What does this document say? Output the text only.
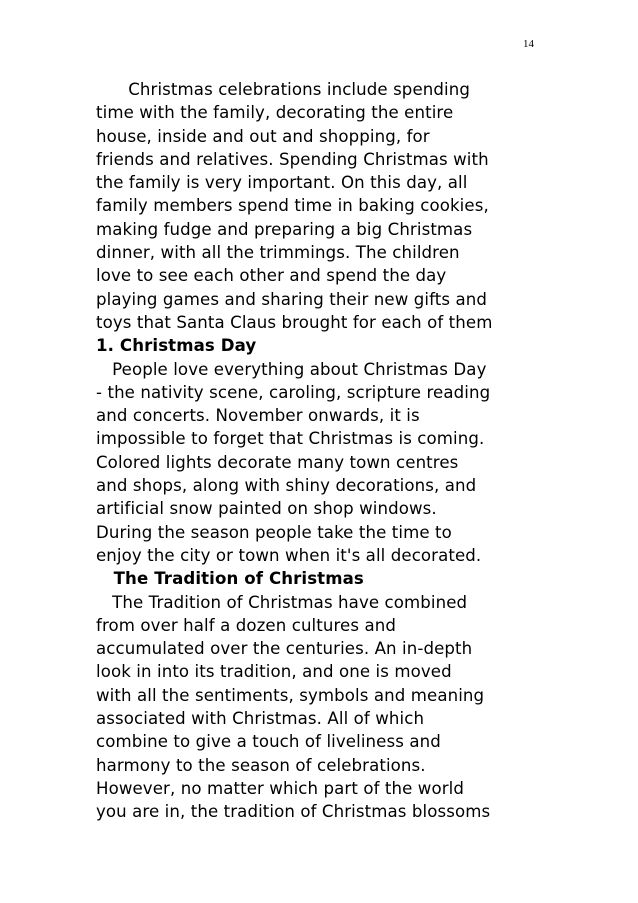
14
Christmas celebrations include spending
time with the family, decorating the entire
house, inside and out and shopping, for
friends and relatives. Spending Christmas with
the family is very important. On this day, all
family members spend time in baking cookies,
making fudge and preparing a big Christmas
dinner, with all the trimmings. The children
love to see each other and spend the day
playing games and sharing their new gifts and
toys that Santa Claus brought for each of them
1. Christmas Day
People love everything about Christmas Day
- the nativity scene, caroling, scripture reading
and concerts. November onwards, it is
impossible to forget that Christmas is coming.
Colored lights decorate many town centres
and shops, along with shiny decorations, and
artificial snow painted on shop windows.
During the season people take the time to
enjoy the city or town when it's all decorated.
The Tradition of Christmas
The Tradition of Christmas have combined
from over half a dozen cultures and
accumulated over the centuries. An in-depth
look in into its tradition, and one is moved
with all the sentiments, symbols and meaning
associated with Christmas. All of which
combine to give a touch of liveliness and
harmony to the season of celebrations.
However, no matter which part of the world
you are in, the tradition of Christmas blossoms
